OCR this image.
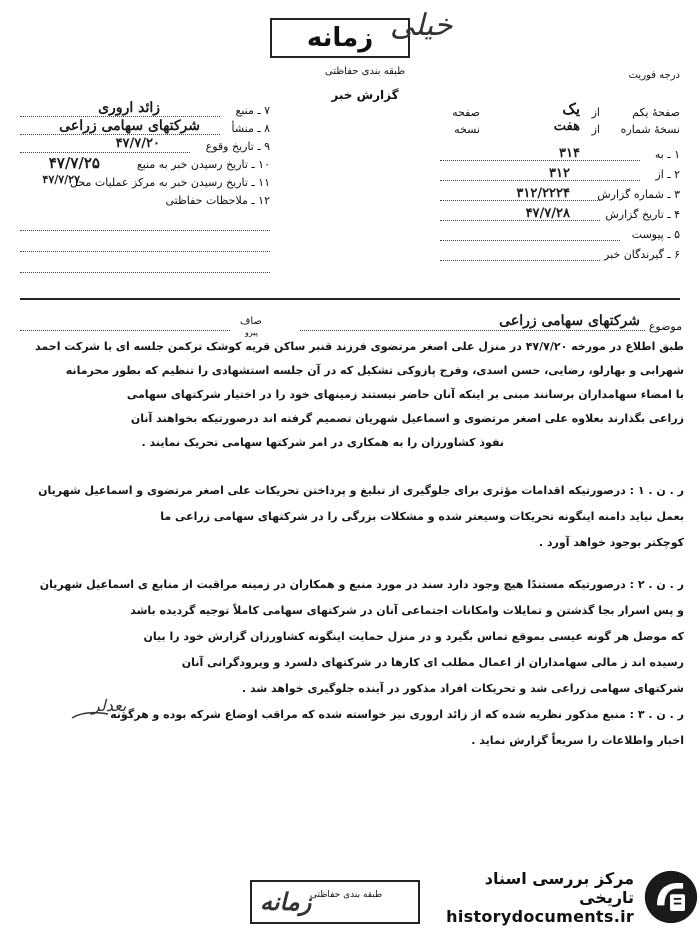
زمانه خیلی
طبقه بندی حفاظتی	درجه فوریت
گزارش خبر
صفحهٔ یکم
از
یک
صفحه
نسخهٔ شماره
از
هفت
نسخه
۱ ـ به
۳۱۴
۲ ـ از
۳۱۲
۳ ـ شماره گزارش
۳۱۲/۲۲۲۴
۴ ـ تاريخ گزارش
۴۷/۷/۲۸
۵ ـ پیوست
۶ ـ گیرندگان خبر
۷ ـ منبع
زائد ارورى
۸ ـ منشأ
شركتهاى سهامى زراعى
۹ ـ تاريخ وقوع
۴۷/۷/۲۰
۱۰ ـ تاريخ رسيدن خبر به منبع
۴۷/۷/۲۵
۱۱ ـ تاريخ رسيدن خبر به مركز عمليات محل
۴۷/۷/۲۷
۱۲ ـ ملاحظات حفاظتی
موضوع
شركتهاى سهامى زراعى
صاف
پیرو
طبق اطلاع در مورخه ۴۷/۷/۲۰ در منزل علی اصغر مرتضوی فرزند قنبر ساکن قریه کوشک ترکمن جلسه ای با شرکت احمد
شهرابی و بهارلو، رضایی، حسن اسدی، وفرج پازوکی تشکیل که در آن جلسه استشهادی را تنظیم که بطور محرمانه
با امضاء سهامداران برسانند مبنی بر اینکه آنان حاضر نیستند زمینهای خود را در اختیار شرکتهای سهامی
زراعی بگذارند بعلاوه علی اصغر مرتضوی و اسماعیل شهریان تصمیم گرفته اند درصورتیکه بخواهند آنان
نفوذ کشاورزان را به همکاری در امر شرکتها سهامی تحریک نمایند .
ر . ن . ۱ : درصورتیکه اقدامات مؤثری برای جلوگیری از تبلیغ و پرداختن تحریکات علی اصغر مرتضوی و اسماعیل شهریان
بعمل نیاید دامنه اینگونه تحریکات وسیعتر شده و مشکلات بزرگی را در شرکتهای سهامی زراعی ما
کوچکتر بوجود خواهد آورد .
ر . ن . ۲ : درصورتیکه مستندًا هیچ وجود دارد سند در مورد منبع و همکاران در زمینه مراقبت از منابع ی اسماعیل شهریان
و پس اسرار بجا گذشتن و تمایلات وامکانات اجتماعی آنان در شرکتهای سهامی کاملاً توجیه گردیده باشد
که موصل هر گونه عیسی بموقع تماس بگیرد و در منزل حمایت اینگونه کشاورزان گزارش خود را بیان
رسیده اند ز مالی سهامداران از اعمال مطلب ای کارها در شرکتهای دلسرد و ویرودگرانی آنان
شرکتهای سهامی زراعی شد و تحریکات افراد مذکور در آینده جلوگیری خواهد شد .
ر . ن . ۳ : منبع مذکور نظریه شده که از زائد ارورى نیز خواسته شده که مراقب اوضاع شرکه بوده و هرگونه
اخبار واطلاعات را سریعاً گزارش نماید .
بعدلر
زمانه
طبقه بندی حفاظتی
مرکز بررسی اسناد تاریخی
historydocuments.ir
